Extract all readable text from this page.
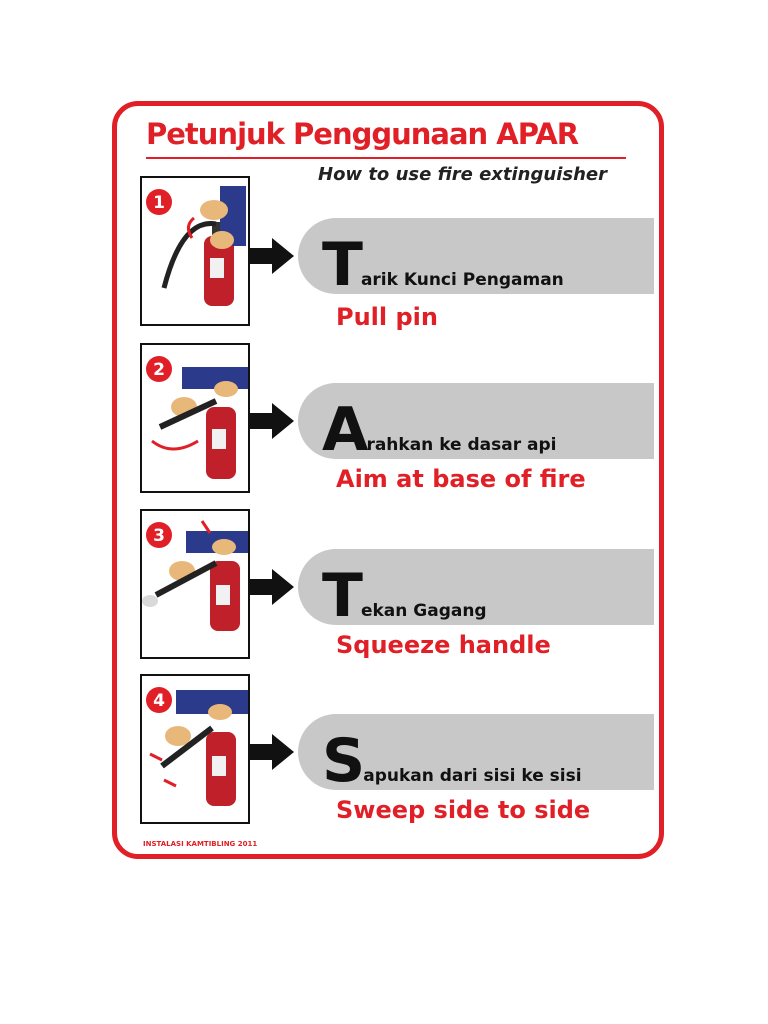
Petunjuk Penggunaan APAR
How to use fire extinguisher
1
T arik Kunci Pengaman
Pull pin
2
A rahkan ke dasar api
Aim at base of fire
3
T ekan Gagang
Squeeze handle
4
S apukan dari sisi ke sisi
Sweep side to side
INSTALASI KAMTIBLING 2011
